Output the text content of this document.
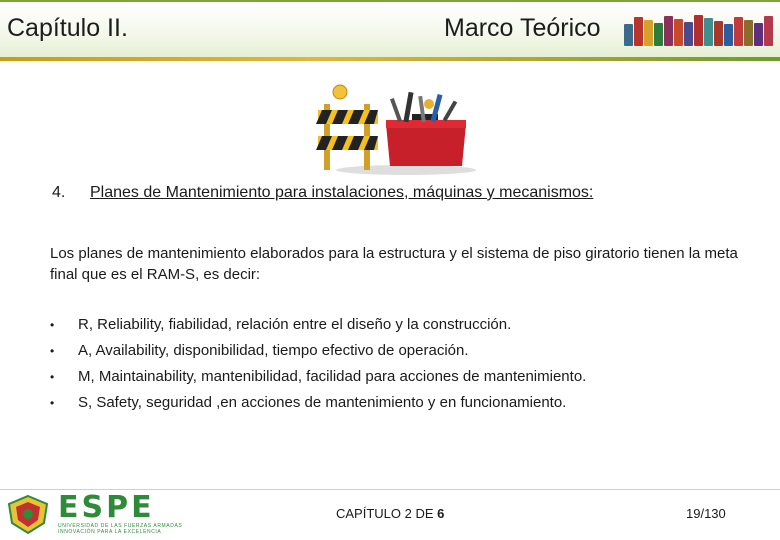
Capítulo II.	Marco Teórico
4. Planes de Mantenimiento para instalaciones, máquinas y mecanismos:
Los planes de mantenimiento elaborados para la estructura y el sistema de piso giratorio tienen la meta final que es el RAM-S, es decir:
•	R, Reliability, fiabilidad, relación entre el diseño y la construcción.
•	A, Availability, disponibilidad, tiempo efectivo de operación.
•	M, Maintainability, mantenibilidad, facilidad para acciones de mantenimiento.
•	S, Safety, seguridad ,en acciones de mantenimiento y en funcionamiento.
ESPE
UNIVERSIDAD DE LAS FUERZAS ARMADAS
INNOVACIÓN PARA LA EXCELENCIA
CAPÍTULO 2 DE 6	19/130
